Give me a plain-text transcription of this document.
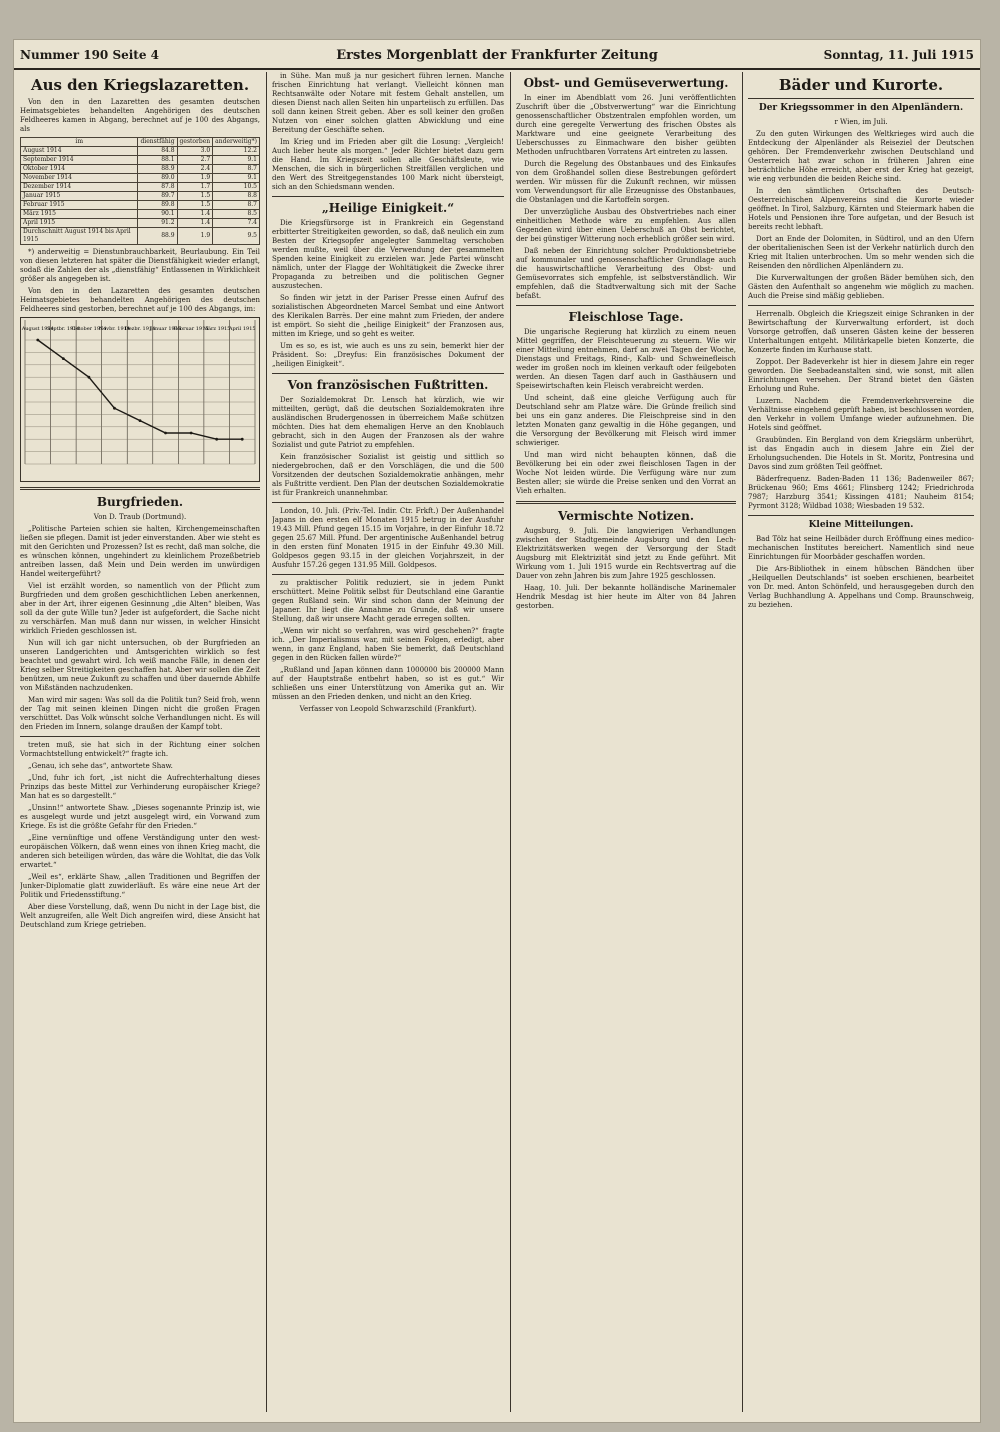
Nummer 190 Seite 4	Erstes Morgenblatt der Frankfurter Zeitung	Sonntag, 11. Juli 1915
Aus den Kriegslazaretten.

Von den in den Lazaretten des gesamten deutschen Heimatsgebietes behandelten Angehörigen des deutschen Feldheeres kamen in Abgang, berechnet auf je 100 des Abgangs, als

im	dienstfähig	gestorben	anderweitig*)
August 1914	84.8	3.0	12.2
September 1914	88.1	2.7	9.1
Oktober 1914	88.9	2.4	8.7
November 1914	89.0	1.9	9.1
Dezember 1914	87.8	1.7	10.5
Januar 1915	89.7	1.5	8.8
Februar 1915	89.8	1.5	8.7
März 1915	90.1	1.4	8.5
April 1915	91.2	1.4	7.4
Durchschnitt August 1914 bis April 1915	88.9	1.9	9.5

*) anderweitig = Dienstunbrauchbarkeit, Beurlaubung. Ein Teil von diesen letzteren hat später die Dienstfähigkeit wieder erlangt, sodaß die Zahlen der als „dienstfähig“ Entlassenen in Wirklichkeit größer als angegeben ist.

Von den in den Lazaretten des gesamten deutschen Heimatsgebietes behandelten Angehörigen des deutschen Feldheeres sind gestorben, berechnet auf je 100 des Abgangs, im:

August 1914
Septbr. 1914
Oktober 1914
Novbr. 1914
Dezbr. 1914
Januar 1915
Februar 1915
März 1915
April 1915
Burgfrieden.
Von D. Traub (Dortmund).

„Politische Parteien schien sie halten, Kirchengemeinschaften ließen sie pflegen. Damit ist jeder einverstanden. Aber wie steht es mit den Gerichten und Prozessen? Ist es recht, daß man solche, die es wünschen können, ungehindert zu kleinlichem Prozeßbetrieb antreiben lassen, daß Mein und Dein werden im unwürdigen Handel weitergeführt?

Viel ist erzählt worden, so namentlich von der Pflicht zum Burgfrieden und dem großen geschichtlichen Leben anerkennen, aber in der Art, ihrer eigenen Gesinnung „die Alten“ bleiben, Was soll da der gute Wille tun? Jeder ist aufgefordert, die Sache nicht zu verschärfen. Man muß dann nur wissen, in welcher Hinsicht wirklich Frieden geschlossen ist.

Nun will ich gar nicht untersuchen, ob der Burgfrieden an unseren Landgerichten und Amtsgerichten wirklich so fest beachtet und gewahrt wird. Ich weiß manche Fälle, in denen der Krieg selber Streitigkeiten geschaffen hat. Aber wir sollen die Zeit benützen, um neue Zukunft zu schaffen und über dauernde Abhilfe von Mißständen nachzudenken.

Man wird mir sagen: Was soll da die Politik tun? Seid froh, wenn der Tag mit seinen kleinen Dingen nicht die großen Fragen verschüttet. Das Volk wünscht solche Verhandlungen nicht. Es will den Frieden im Innern, solange draußen der Kampf tobt.

treten muß, sie hat sich in der Richtung einer solchen Vormachtstellung entwickelt?“ fragte ich.

„Genau, ich sehe das“, antwortete Shaw.

„Und, fuhr ich fort, „ist nicht die Aufrechterhaltung dieses Prinzips das beste Mittel zur Verhinderung europäischer Kriege? Man hat es so dargestellt.“

„Unsinn!“ antwortete Shaw. „Dieses sogenannte Prinzip ist, wie es ausgelegt wurde und jetzt ausgelegt wird, ein Vorwand zum Kriege. Es ist die größte Gefahr für den Frieden.“

„Eine vernünftige und offene Verständigung unter den west-europäischen Völkern, daß wenn eines von ihnen Krieg macht, die anderen sich beteiligen würden, das wäre die Wohltat, die das Volk erwartet.“

„Weil es“, erklärte Shaw, „allen Traditionen und Begriffen der Junker-Diplomatie glatt zuwiderläuft. Es wäre eine neue Art der Politik und Friedensstiftung.“

Aber diese Vorstellung, daß, wenn Du nicht in der Lage bist, die Welt anzugreifen, alle Welt Dich angreifen wird, diese Ansicht hat Deutschland zum Kriege getrieben.

in Sühe. Man muß ja nur gesichert führen lernen. Manche frischen Einrichtung hat verlangt. Vielleicht können man Rechtsanwälte oder Notare mit festem Gehalt anstellen, um diesen Dienst nach allen Seiten hin unparteiisch zu erfüllen. Das soll dann keinen Streit geben. Aber es soll keiner den großen Nutzen von einer solchen glatten Abwicklung und eine Bereitung der Geschäfte sehen.

Im Krieg und im Frieden aber gilt die Losung: „Vergleich! Auch lieber heute als morgen.“ Jeder Richter bietet dazu gern die Hand. Im Kriegszeit sollen alle Geschäftsleute, wie Menschen, die sich in bürgerlichen Streitfällen verglichen und den Wert des Streitgegenstandes 100 Mark nicht übersteigt, sich an den Schiedsmann wenden.

„Heilige Einigkeit.“

Die Kriegsfürsorge ist in Frankreich ein Gegenstand erbitterter Streitigkeiten geworden, so daß, daß neulich ein zum Besten der Kriegsopfer angelegter Sammeltag verschoben werden mußte, weil über die Verwendung der gesammelten Spenden keine Einigkeit zu erzielen war. Jede Partei wünscht nämlich, unter der Flagge der Wohltätigkeit die Zwecke ihrer Propaganda zu betreiben und die politischen Gegner auszustechen.

So finden wir jetzt in der Pariser Presse einen Aufruf des sozialistischen Abgeordneten Marcel Sembat und eine Antwort des Klerikalen Barrès. Der eine mahnt zum Frieden, der andere ist empört. So sieht die „heilige Einigkeit“ der Franzosen aus, mitten im Kriege, und so geht es weiter.

Um es so, es ist, wie auch es uns zu sein, bemerkt hier der Präsident. So: „Dreyfus: Ein französisches Dokument der „heiligen Einigkeit“.

Von französischen Fußtritten.

Der Sozialdemokrat Dr. Lensch hat kürzlich, wie wir mitteilten, gerügt, daß die deutschen Sozialdemokraten ihre ausländischen Brudergenossen in überreichem Maße schützen möchten. Dies hat dem ehemaligen Herve an den Knoblauch gebracht, sich in den Augen der Franzosen als der wahre Sozialist und gute Patriot zu empfehlen.

Kein französischer Sozialist ist geistig und sittlich so niedergebrochen, daß er den Vorschlägen, die und die 500 Vorsitzenden der deutschen Sozialdemokratie anhängen, mehr als Fußtritte verdient. Den Plan der deutschen Sozialdemokratie ist für Frankreich unannehmbar.

London, 10. Juli. (Priv.-Tel. Indir. Ctr. Frkft.) Der Außenhandel Japans in den ersten elf Monaten 1915 betrug in der Ausfuhr 19.43 Mill. Pfund gegen 15.15 im Vorjahre, in der Einfuhr 18.72 gegen 25.67 Mill. Pfund. Der argentinische Außenhandel betrug in den ersten fünf Monaten 1915 in der Einfuhr 49.30 Mill. Goldpesos gegen 93.15 in der gleichen Vorjahrszeit, in der Ausfuhr 157.26 gegen 131.95 Mill. Goldpesos.

zu praktischer Politik reduziert, sie in jedem Punkt erschüttert. Meine Politik selbst für Deutschland eine Garantie gegen Rußland sein. Wir sind schon dann der Meinung der Japaner. Ihr liegt die Annahme zu Grunde, daß wir unsere Stellung, daß wir unsere Macht gerade erregen sollten.

„Wenn wir nicht so verfahren, was wird geschehen?“ fragte ich. „Der Imperialismus war, mit seinen Folgen, erledigt, aber wenn, in ganz England, haben Sie bemerkt, daß Deutschland gegen in den Rücken fallen würde?“

„Rußland und Japan können dann 1000000 bis 200000 Mann auf der Hauptstraße entbehrt haben, so ist es gut.“ Wir schließen uns einer Unterstützung von Amerika gut an. Wir müssen an den Frieden denken, und nicht an den Krieg.

Verfasser von Leopold Schwarzschild (Frankfurt).
Obst- und Gemüseverwertung.

In einer im Abendblatt vom 26. Juni veröffentlichten Zuschrift über die „Obstverwertung“ war die Einrichtung genossenschaftlicher Obstzentralen empfohlen worden, um durch eine geregelte Verwertung des frischen Obstes als Marktware und eine geeignete Verarbeitung des Ueberschusses zu Einmachware den bisher geübten Methoden unfruchtbaren Vorratens Art eintreten zu lassen.

Durch die Regelung des Obstanbaues und des Einkaufes von dem Großhandel sollen diese Bestrebungen gefördert werden. Wir müssen für die Zukunft rechnen, wir müssen vom Verwendungsort für alle Erzeugnisse des Obstanbaues, die Obstanlagen und die Kartoffeln sorgen.

Der unverzügliche Ausbau des Obstvertriebes nach einer einheitlichen Methode wäre zu empfehlen. Aus allen Gegenden wird über einen Ueberschuß an Obst berichtet, der bei günstiger Witterung noch erheblich größer sein wird.

Daß neben der Einrichtung solcher Produktionsbetriebe auf kommunaler und genossenschaftlicher Grundlage auch die hauswirtschaftliche Verarbeitung des Obst- und Gemüsevorrates sich empfehle, ist selbstverständlich. Wir empfehlen, daß die Stadtverwaltung sich mit der Sache befaßt.

Fleischlose Tage.

Die ungarische Regierung hat kürzlich zu einem neuen Mittel gegriffen, der Fleischteuerung zu steuern. Wie wir einer Mitteilung entnehmen, darf an zwei Tagen der Woche, Dienstags und Freitags, Rind-, Kalb- und Schweinefleisch weder im großen noch im kleinen verkauft oder feilgeboten werden. An diesen Tagen darf auch in Gasthäusern und Speisewirtschaften kein Fleisch verabreicht werden.

Und scheint, daß eine gleiche Verfügung auch für Deutschland sehr am Platze wäre. Die Gründe freilich sind bei uns ein ganz anderes. Die Fleischpreise sind in den letzten Monaten ganz gewaltig in die Höhe gegangen, und die Versorgung der Bevölkerung mit Fleisch wird immer schwieriger.

Und man wird nicht behaupten können, daß die Bevölkerung bei ein oder zwei fleischlosen Tagen in der Woche Not leiden würde. Die Verfügung wäre nur zum Besten aller; sie würde die Preise senken und den Vorrat an Vieh erhalten.

Vermischte Notizen.

Augsburg, 9. Juli. Die langwierigen Verhandlungen zwischen der Stadtgemeinde Augsburg und den Lech-Elektrizitätswerken wegen der Versorgung der Stadt Augsburg mit Elektrizität sind jetzt zu Ende geführt. Mit Wirkung vom 1. Juli 1915 wurde ein Rechtsvertrag auf die Dauer von zehn Jahren bis zum Jahre 1925 geschlossen.

Haag, 10. Juli. Der bekannte holländische Marinemaler Hendrik Mesdag ist hier heute im Alter von 84 Jahren gestorben.

Bäder und Kurorte.
Der Kriegssommer in den Alpenländern.
r Wien, im Juli.

Zu den guten Wirkungen des Weltkrieges wird auch die Entdeckung der Alpenländer als Reiseziel der Deutschen gehören. Der Fremdenverkehr zwischen Deutschland und Oesterreich hat zwar schon in früheren Jahren eine beträchtliche Höhe erreicht, aber erst der Krieg hat gezeigt, wie eng verbunden die beiden Reiche sind.

In den sämtlichen Ortschaften des Deutsch-Oesterreichischen Alpenvereins sind die Kurorte wieder geöffnet. In Tirol, Salzburg, Kärnten und Steiermark haben die Hotels und Pensionen ihre Tore aufgetan, und der Besuch ist bereits recht lebhaft.

Dort an Ende der Dolomiten, in Südtirol, und an den Ufern der oberitalienischen Seen ist der Verkehr natürlich durch den Krieg mit Italien unterbrochen. Um so mehr wenden sich die Reisenden den nördlichen Alpenländern zu.

Die Kurverwaltungen der großen Bäder bemühen sich, den Gästen den Aufenthalt so angenehm wie möglich zu machen. Auch die Preise sind mäßig geblieben.

Herrenalb. Obgleich die Kriegszeit einige Schranken in der Bewirtschaftung der Kurverwaltung erfordert, ist doch Vorsorge getroffen, daß unseren Gästen keine der besseren Unterhaltungen entgeht. Militärkapelle bieten Konzerte, die Konzerte finden im Kurhause statt.

Zoppot. Der Badeverkehr ist hier in diesem Jahre ein reger geworden. Die Seebadeanstalten sind, wie sonst, mit allen Einrichtungen versehen. Der Strand bietet den Gästen Erholung und Ruhe.

Luzern. Nachdem die Fremdenverkehrsvereine die Verhältnisse eingehend geprüft haben, ist beschlossen worden, den Verkehr in vollem Umfange wieder aufzunehmen. Die Hotels sind geöffnet.

Graubünden. Ein Bergland von dem Kriegslärm unberührt, ist das Engadin auch in diesem Jahre ein Ziel der Erholungsuchenden. Die Hotels in St. Moritz, Pontresina und Davos sind zum größten Teil geöffnet.

Bäderfrequenz. Baden-Baden 11 136; Badenweiler 867; Brückenau 960; Ems 4661; Flinsberg 1242; Friedrichroda 7987; Harzburg 3541; Kissingen 4181; Nauheim 8154; Pyrmont 3128; Wildbad 1038; Wiesbaden 19 532.

Kleine Mitteilungen.

Bad Tölz hat seine Heilbäder durch Eröffnung eines medico-mechanischen Institutes bereichert. Namentlich sind neue Einrichtungen für Moorbäder geschaffen worden.

Die Ars-Bibliothek in einem hübschen Bändchen über „Heilquellen Deutschlands“ ist soeben erschienen, bearbeitet von Dr. med. Anton Schönfeld, und herausgegeben durch den Verlag Buchhandlung A. Appelhans und Comp. Braunschweig, zu beziehen.
